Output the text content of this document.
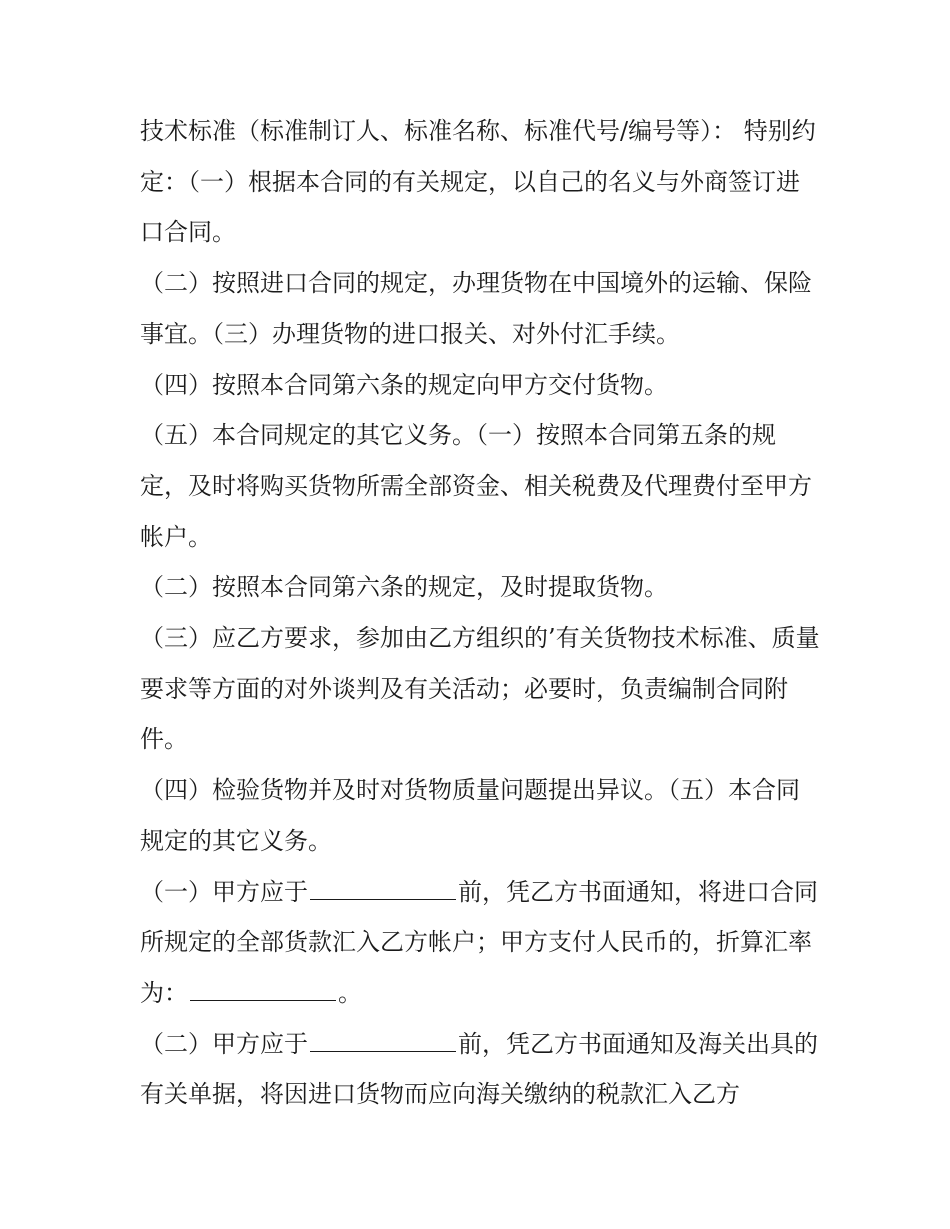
技术标准（标准制订人、标准名称、标准代号/编号等）： 特别约定：（一）根据本合同的有关规定，以自己的名义与外商签订进口合同。

（二）按照进口合同的规定，办理货物在中国境外的运输、保险事宜。（三）办理货物的进口报关、对外付汇手续。

（四）按照本合同第六条的规定向甲方交付货物。

（五）本合同规定的其它义务。（一）按照本合同第五条的规定，及时将购买货物所需全部资金、相关税费及代理费付至甲方帐户。

（二）按照本合同第六条的规定，及时提取货物。

（三）应乙方要求，参加由乙方组织的’有关货物技术标准、质量要求等方面的对外谈判及有关活动；必要时，负责编制合同附件。

（四）检验货物并及时对货物质量问题提出异议。（五）本合同规定的其它义务。

（一）甲方应于	前，凭乙方书面通知，将进口合同所规定的全部货款汇入乙方帐户；甲方支付人民币的，折算汇率为：	。

（二）甲方应于	前，凭乙方书面通知及海关出具的有关单据，将因进口货物而应向海关缴纳的税款汇入乙方
